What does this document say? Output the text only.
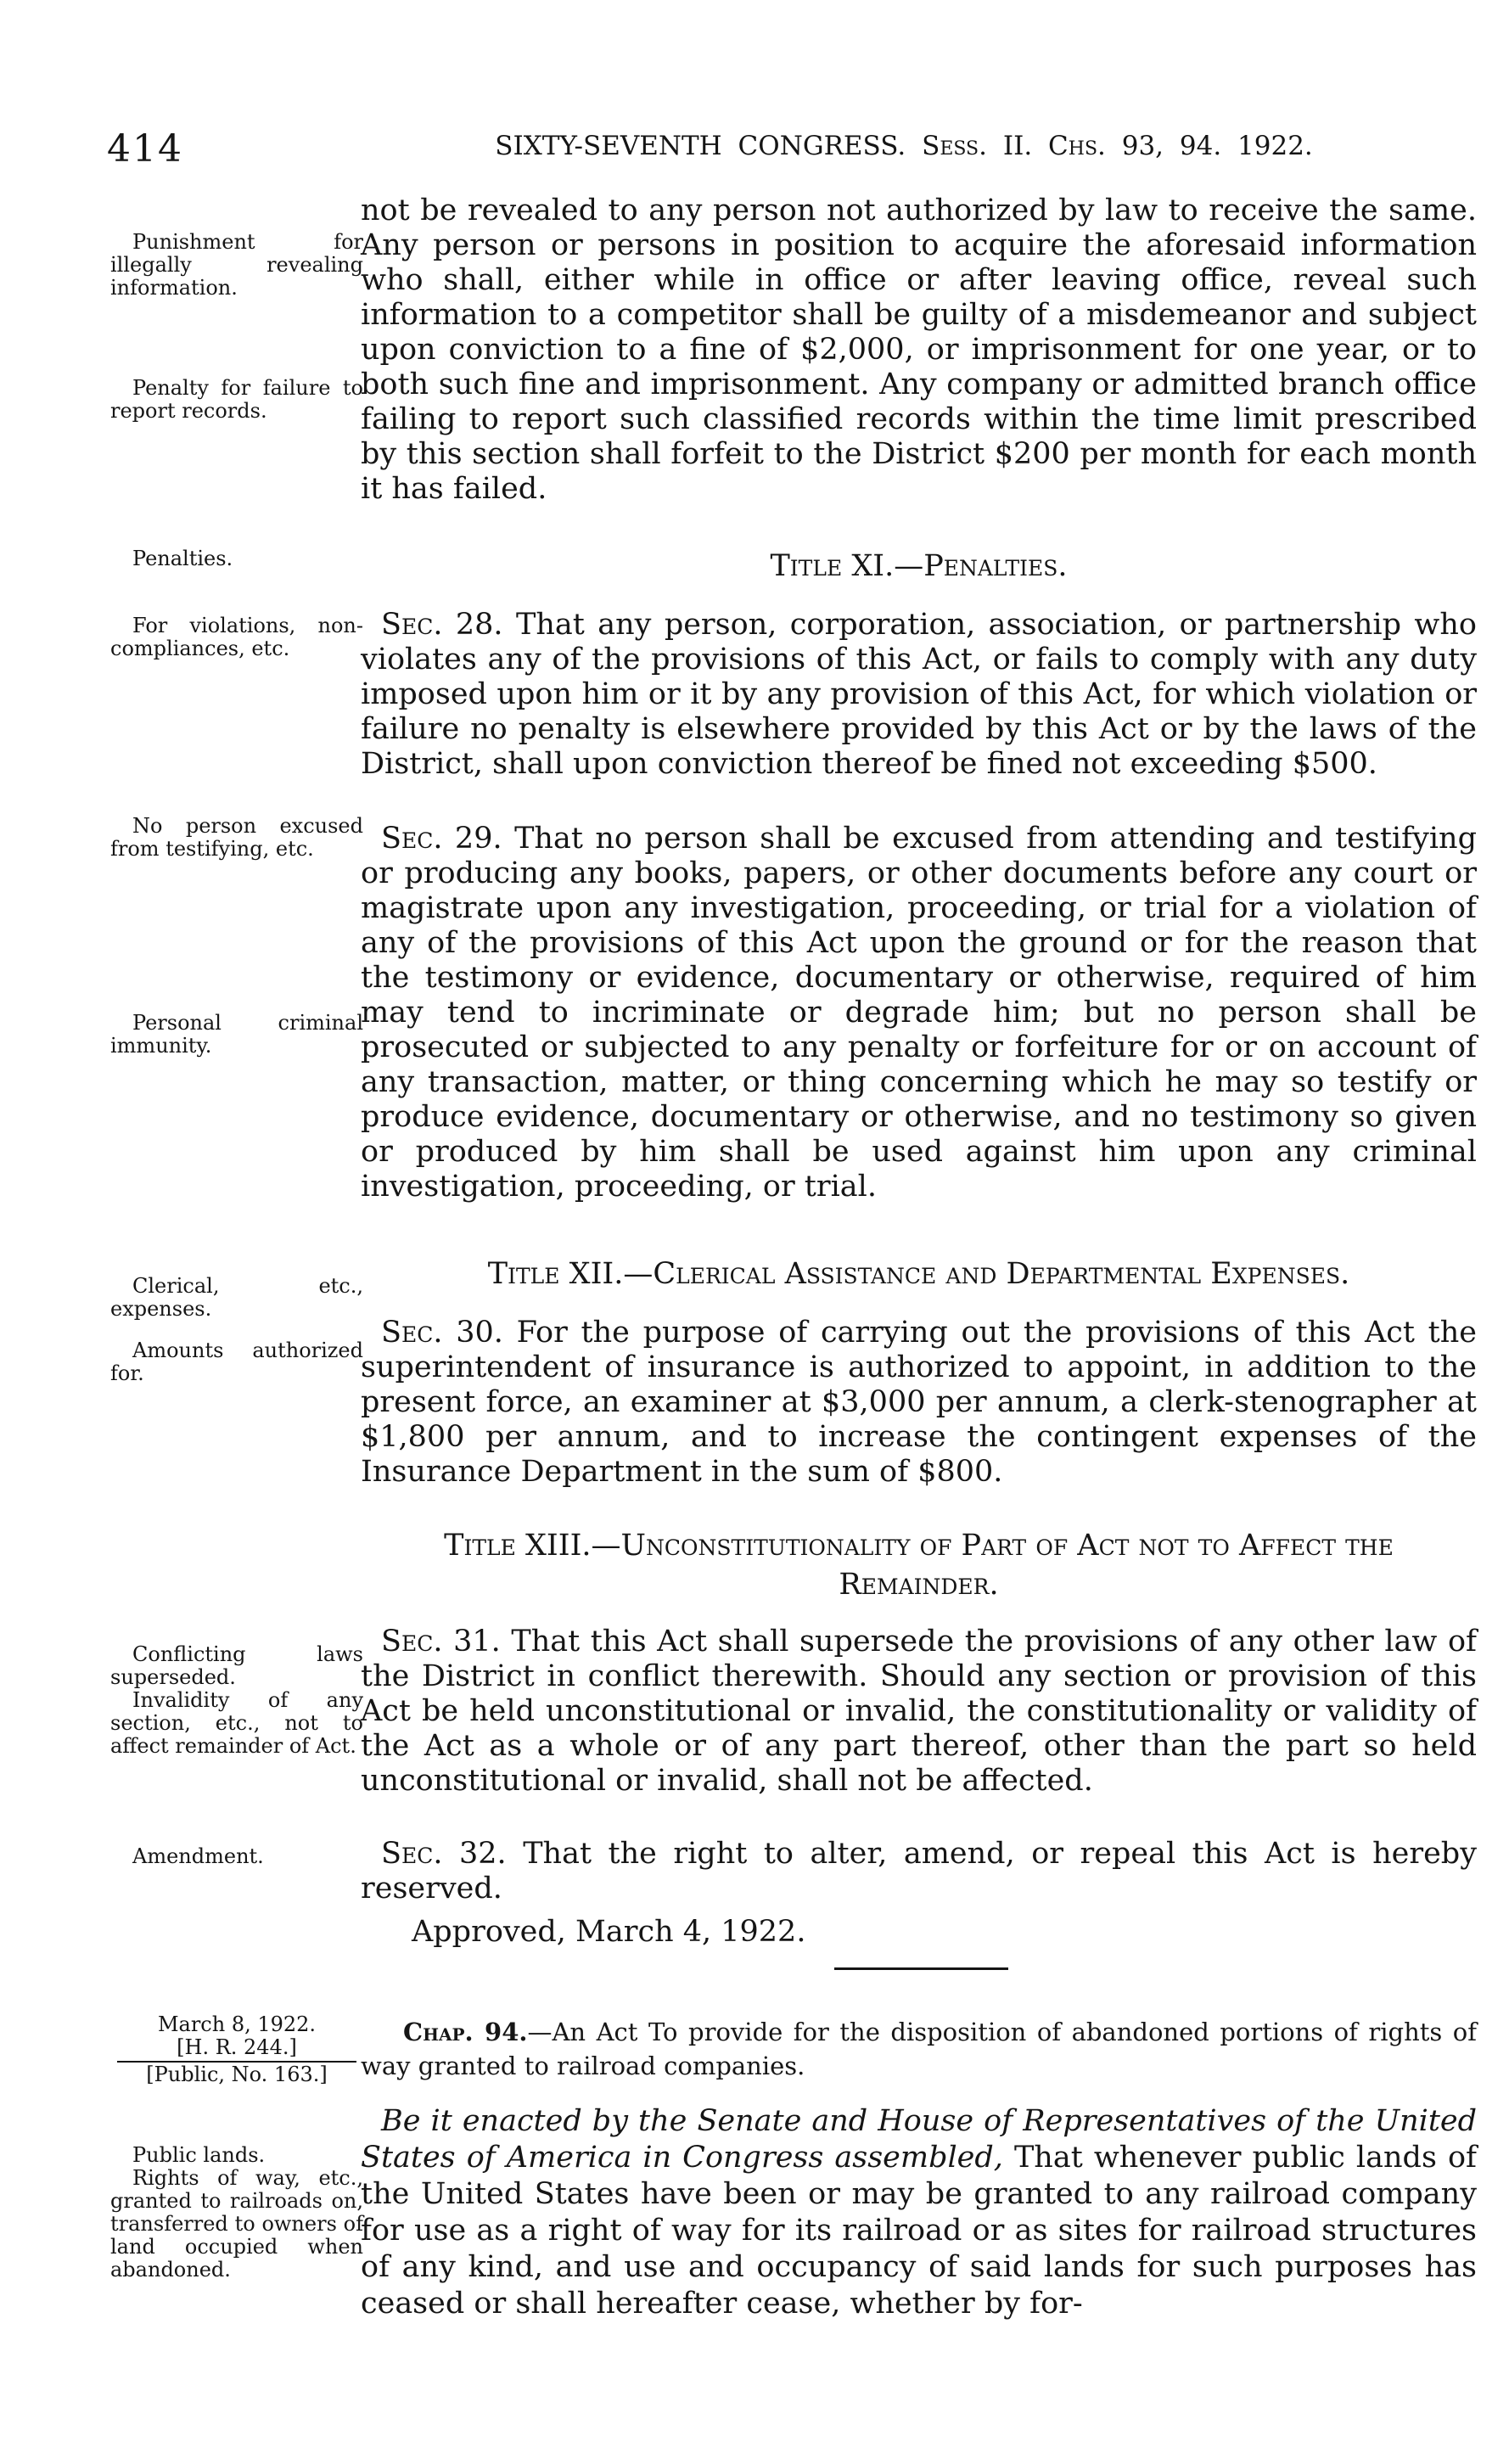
414	SIXTY-SEVENTH CONGRESS. Sess. II. Chs. 93, 94. 1922.
Punishment for illegally revealing information.
Penalty for failure to report records.
Penalties.
For violations, non-compliances, etc.
No person excused from testifying, etc.
Personal criminal immunity.
Clerical, etc., expenses.
Amounts authorized for.
Conflicting laws superseded.
Invalidity of any section, etc., not to affect remainder of Act.
Amendment.
March 8, 1922.
[H. R. 244.]
[Public, No. 163.]
Public lands.
Rights of way, etc., granted to railroads on, transferred to owners of land occupied when abandoned.

not be revealed to any person not authorized by law to receive the same. Any person or persons in position to acquire the aforesaid information who shall, either while in office or after leaving office, reveal such information to a competitor shall be guilty of a misdemeanor and subject upon conviction to a fine of $2,000, or imprisonment for one year, or to both such fine and imprisonment. Any company or admitted branch office failing to report such classified records within the time limit prescribed by this section shall forfeit to the District $200 per month for each month it has failed.

Title XI.—Penalties.

Sec. 28. That any person, corporation, association, or partnership who violates any of the provisions of this Act, or fails to comply with any duty imposed upon him or it by any provision of this Act, for which violation or failure no penalty is elsewhere provided by this Act or by the laws of the District, shall upon conviction thereof be fined not exceeding $500.

Sec. 29. That no person shall be excused from attending and testifying or producing any books, papers, or other documents before any court or magistrate upon any investigation, proceeding, or trial for a violation of any of the provisions of this Act upon the ground or for the reason that the testimony or evidence, documentary or otherwise, required of him may tend to incriminate or degrade him; but no person shall be prosecuted or subjected to any penalty or forfeiture for or on account of any transaction, matter, or thing concerning which he may so testify or produce evidence, documentary or otherwise, and no testimony so given or produced by him shall be used against him upon any criminal investigation, proceeding, or trial.

Title XII.—Clerical Assistance and Departmental Expenses.

Sec. 30. For the purpose of carrying out the provisions of this Act the superintendent of insurance is authorized to appoint, in addition to the present force, an examiner at $3,000 per annum, a clerk-stenographer at $1,800 per annum, and to increase the contingent expenses of the Insurance Department in the sum of $800.

Title XIII.—Unconstitutionality of Part of Act not to Affect the Remainder.

Sec. 31. That this Act shall supersede the provisions of any other law of the District in conflict therewith. Should any section or provision of this Act be held unconstitutional or invalid, the constitutionality or validity of the Act as a whole or of any part thereof, other than the part so held unconstitutional or invalid, shall not be affected.

Sec. 32. That the right to alter, amend, or repeal this Act is hereby reserved.

Approved, March 4, 1922.

Chap. 94.—An Act To provide for the disposition of abandoned portions of rights of way granted to railroad companies.

Be it enacted by the Senate and House of Representatives of the United States of America in Congress assembled, That whenever public lands of the United States have been or may be granted to any railroad company for use as a right of way for its railroad or as sites for railroad structures of any kind, and use and occupancy of said lands for such purposes has ceased or shall hereafter cease, whether by for-
